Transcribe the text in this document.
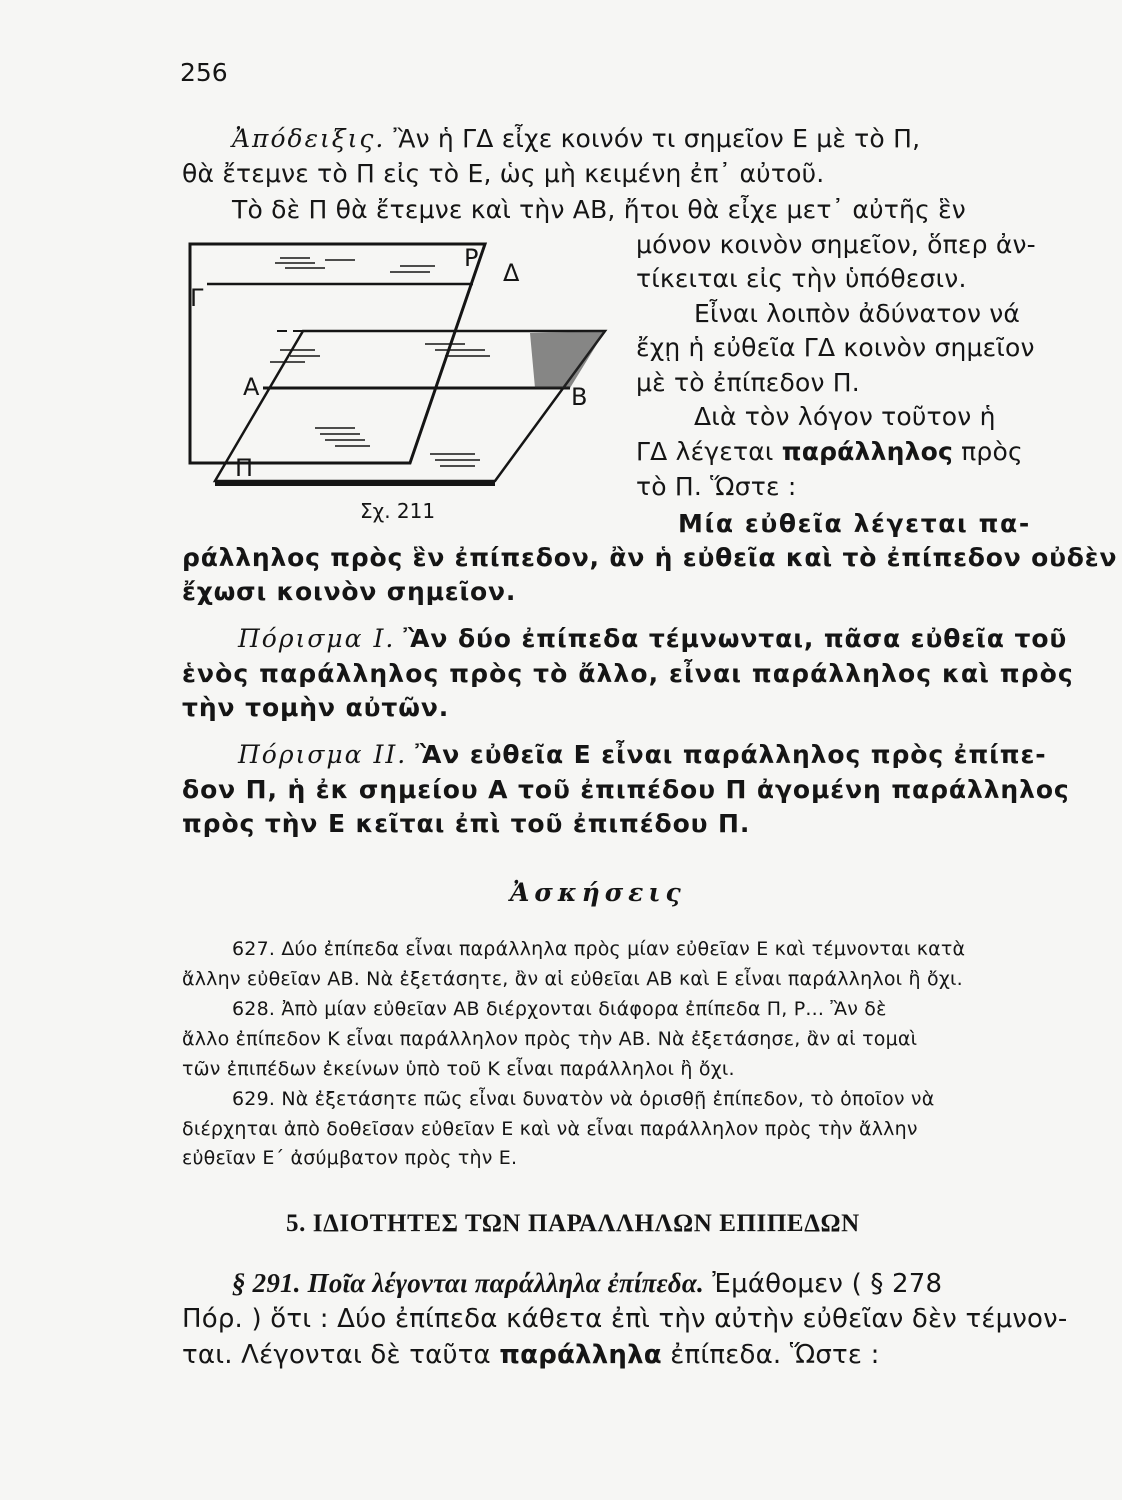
256
Ἀπόδειξις. Ἂν ἡ ΓΔ εἶχε κοινόν τι σημεῖον Ε μὲ τὸ Π,
θὰ ἔτεμνε τὸ Π εἰς τὸ Ε, ὡς μὴ κειμένη ἐπ᾽ αὐτοῦ.
Τὸ δὲ Π θὰ ἔτεμνε καὶ τὴν ΑΒ, ἤτοι θὰ εἶχε μετ᾽ αὐτῆς ἓν
μόνον κοινὸν σημεῖον, ὅπερ ἀν-
τίκειται εἰς τὴν ὑπόθεσιν.
Εἶναι λοιπὸν ἀδύνατον νά
ἔχῃ ἡ εὐθεῖα ΓΔ κοινὸν σημεῖον
μὲ τὸ ἐπίπεδον Π.
Διὰ τὸν λόγον τοῦτον ἡ
ΓΔ λέγεται παράλληλος πρὸς
τὸ Π. Ὥστε :
Ρ
Δ
Γ
Α	Β
Π
Σχ. 211	Μία εὐθεῖα λέγεται πα-
ράλληλος πρὸς ἓν ἐπίπεδον, ἂν ἡ εὐθεῖα καὶ τὸ ἐπίπεδον οὐδὲν
ἔχωσι κοινὸν σημεῖον.
Πόρισμα Ι. Ἂν δύο ἐπίπεδα τέμνωνται, πᾶσα εὐθεῖα τοῦ
ἑνὸς παράλληλος πρὸς τὸ ἄλλο, εἶναι παράλληλος καὶ πρὸς
τὴν τομὴν αὐτῶν.
Πόρισμα ΙΙ. Ἂν εὐθεῖα Ε εἶναι παράλληλος πρὸς ἐπίπε-
δον Π, ἡ ἐκ σημείου Α τοῦ ἐπιπέδου Π ἀγομένη παράλληλος
πρὸς τὴν Ε κεῖται ἐπὶ τοῦ ἐπιπέδου Π.
Ἀσκήσεις
627. Δύο ἐπίπεδα εἶναι παράλληλα πρὸς μίαν εὐθεῖαν Ε καὶ τέμνονται κατὰ
ἄλλην εὐθεῖαν ΑΒ. Νὰ ἐξετάσητε, ἂν αἱ εὐθεῖαι ΑΒ καὶ Ε εἶναι παράλληλοι ἢ ὄχι.
628. Ἀπὸ μίαν εὐθεῖαν ΑΒ διέρχονται διάφορα ἐπίπεδα Π, Ρ... Ἂν δὲ
ἄλλο ἐπίπεδον Κ εἶναι παράλληλον πρὸς τὴν ΑΒ. Νὰ ἐξετάσησε, ἂν αἱ τομαὶ
τῶν ἐπιπέδων ἐκείνων ὑπὸ τοῦ Κ εἶναι παράλληλοι ἢ ὄχι.
629. Νὰ ἐξετάσητε πῶς εἶναι δυνατὸν νὰ ὁρισθῇ ἐπίπεδον, τὸ ὁποῖον νὰ
διέρχηται ἀπὸ δοθεῖσαν εὐθεῖαν Ε καὶ νὰ εἶναι παράλληλον πρὸς τὴν ἄλλην
εὐθεῖαν Ε΄ ἀσύμβατον πρὸς τὴν Ε.
5. ΙΔΙΟΤΗΤΕΣ ΤΩΝ ΠΑΡΑΛΛΗΛΩΝ ΕΠΙΠΕΔΩΝ
§ 291. Ποῖα λέγονται παράλληλα ἐπίπεδα. Ἐμάθομεν ( § 278
Πόρ. ) ὅτι : Δύο ἐπίπεδα κάθετα ἐπὶ τὴν αὐτὴν εὐθεῖαν δὲν τέμνον-
ται. Λέγονται δὲ ταῦτα παράλληλα ἐπίπεδα. Ὥστε :
